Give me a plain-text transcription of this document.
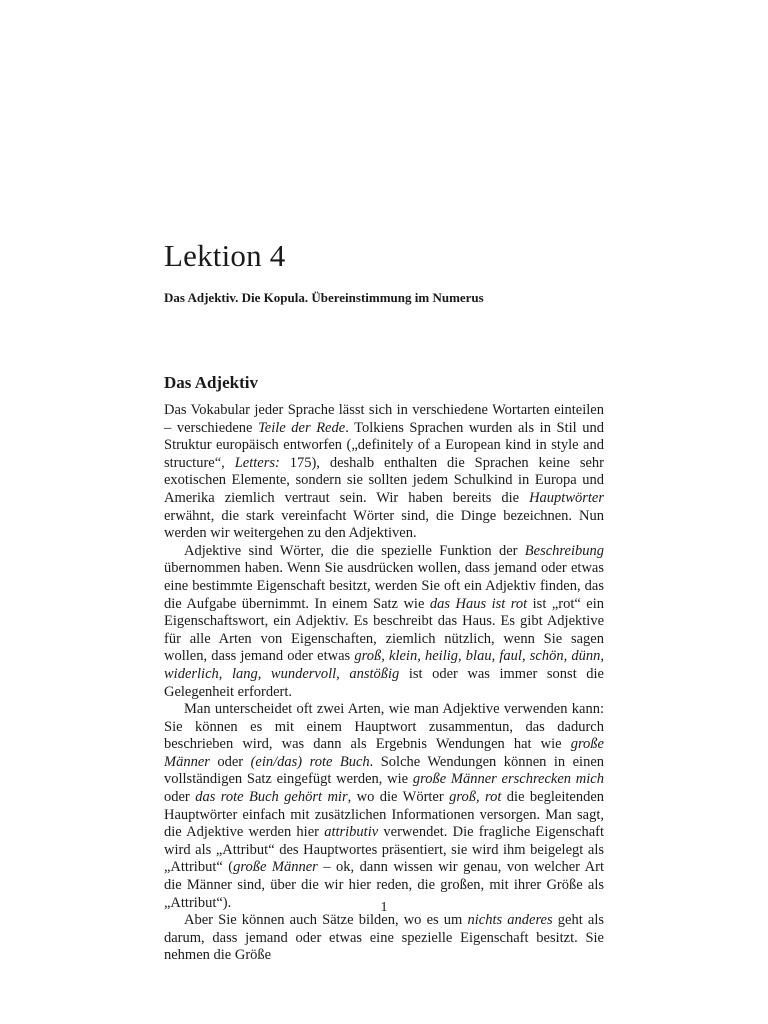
Lektion 4
Das Adjektiv. Die Kopula. Übereinstimmung im Numerus
Das Adjektiv

Das Vokabular jeder Sprache lässt sich in verschiedene Wortarten einteilen – verschiedene Teile der Rede. Tolkiens Sprachen wurden als in Stil und Struktur europäisch entworfen („definitely of a European kind in style and structure“, Letters: 175), deshalb enthalten die Sprachen keine sehr exotischen Elemente, sondern sie sollten jedem Schulkind in Europa und Amerika ziemlich vertraut sein. Wir haben bereits die Hauptwörter erwähnt, die stark vereinfacht Wörter sind, die Dinge bezeichnen. Nun werden wir weitergehen zu den Adjektiven.

Adjektive sind Wörter, die die spezielle Funktion der Beschreibung übernommen haben. Wenn Sie ausdrücken wollen, dass jemand oder etwas eine bestimmte Eigenschaft besitzt, werden Sie oft ein Adjektiv finden, das die Aufgabe übernimmt. In einem Satz wie das Haus ist rot ist „rot“ ein Eigenschaftswort, ein Adjektiv. Es beschreibt das Haus. Es gibt Adjektive für alle Arten von Eigenschaften, ziemlich nützlich, wenn Sie sagen wollen, dass jemand oder etwas groß, klein, heilig, blau, faul, schön, dünn, widerlich, lang, wundervoll, anstößig ist oder was immer sonst die Gelegenheit erfordert.

Man unterscheidet oft zwei Arten, wie man Adjektive verwenden kann: Sie können es mit einem Hauptwort zusammentun, das dadurch beschrieben wird, was dann als Ergebnis Wendungen hat wie große Männer oder (ein/das) rote Buch. Solche Wendungen können in einen vollständigen Satz eingefügt werden, wie große Männer erschrecken mich oder das rote Buch gehört mir, wo die Wörter groß, rot die begleitenden Hauptwörter einfach mit zusätzlichen Informationen versorgen. Man sagt, die Adjektive werden hier attributiv verwendet. Die fragliche Eigenschaft wird als „Attribut“ des Hauptwortes präsentiert, sie wird ihm beigelegt als „Attribut“ (große Männer – ok, dann wissen wir genau, von welcher Art die Männer sind, über die wir hier reden, die großen, mit ihrer Größe als „Attribut“).

Aber Sie können auch Sätze bilden, wo es um nichts anderes geht als darum, dass jemand oder etwas eine spezielle Eigenschaft besitzt. Sie nehmen die Größe

1
